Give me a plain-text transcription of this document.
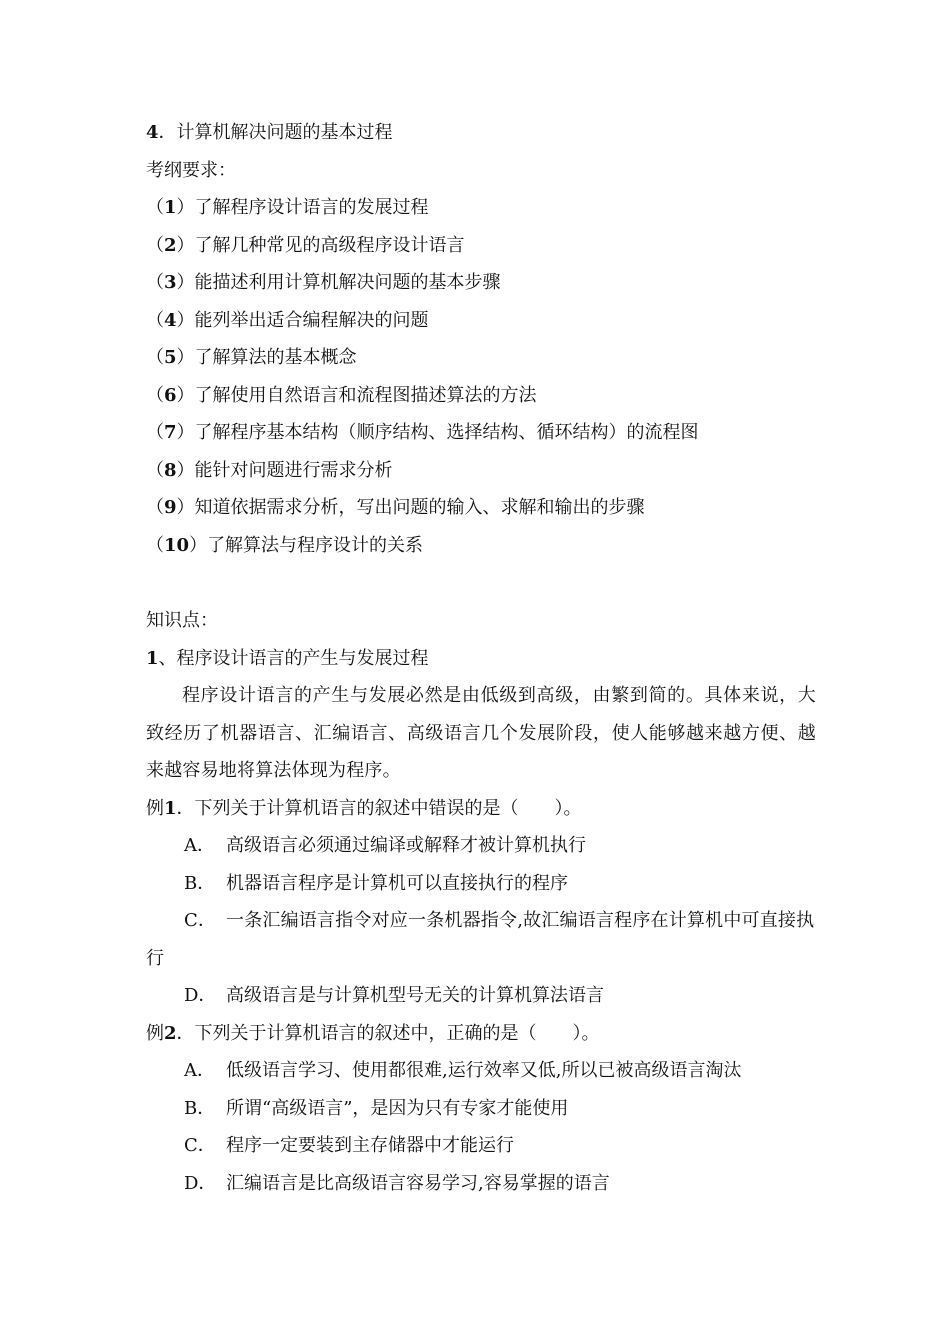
4．计算机解决问题的基本过程
考纲要求：
（1）了解程序设计语言的发展过程
（2）了解几种常见的高级程序设计语言
（3）能描述利用计算机解决问题的基本步骤
（4）能列举出适合编程解决的问题
（5）了解算法的基本概念
（6）了解使用自然语言和流程图描述算法的方法
（7）了解程序基本结构（顺序结构、选择结构、循环结构）的流程图
（8）能针对问题进行需求分析
（9）知道依据需求分析，写出问题的输入、求解和输出的步骤
（10）了解算法与程序设计的关系
知识点：
1、程序设计语言的产生与发展过程
程序设计语言的产生与发展必然是由低级到高级，由繁到简的。具体来说，大致经历了机器语言、汇编语言、高级语言几个发展阶段，使人能够越来越方便、越来越容易地将算法体现为程序。
例1．下列关于计算机语言的叙述中错误的是（　　）。
A． 高级语言必须通过编译或解释才被计算机执行
B． 机器语言程序是计算机可以直接执行的程序
C． 一条汇编语言指令对应一条机器指令,故汇编语言程序在计算机中可直接执行
D． 高级语言是与计算机型号无关的计算机算法语言
例2．下列关于计算机语言的叙述中，正确的是（　　）。
A． 低级语言学习、使用都很难,运行效率又低,所以已被高级语言淘汰
B． 所谓“高级语言”，是因为只有专家才能使用
C． 程序一定要装到主存储器中才能运行
D． 汇编语言是比高级语言容易学习,容易掌握的语言
